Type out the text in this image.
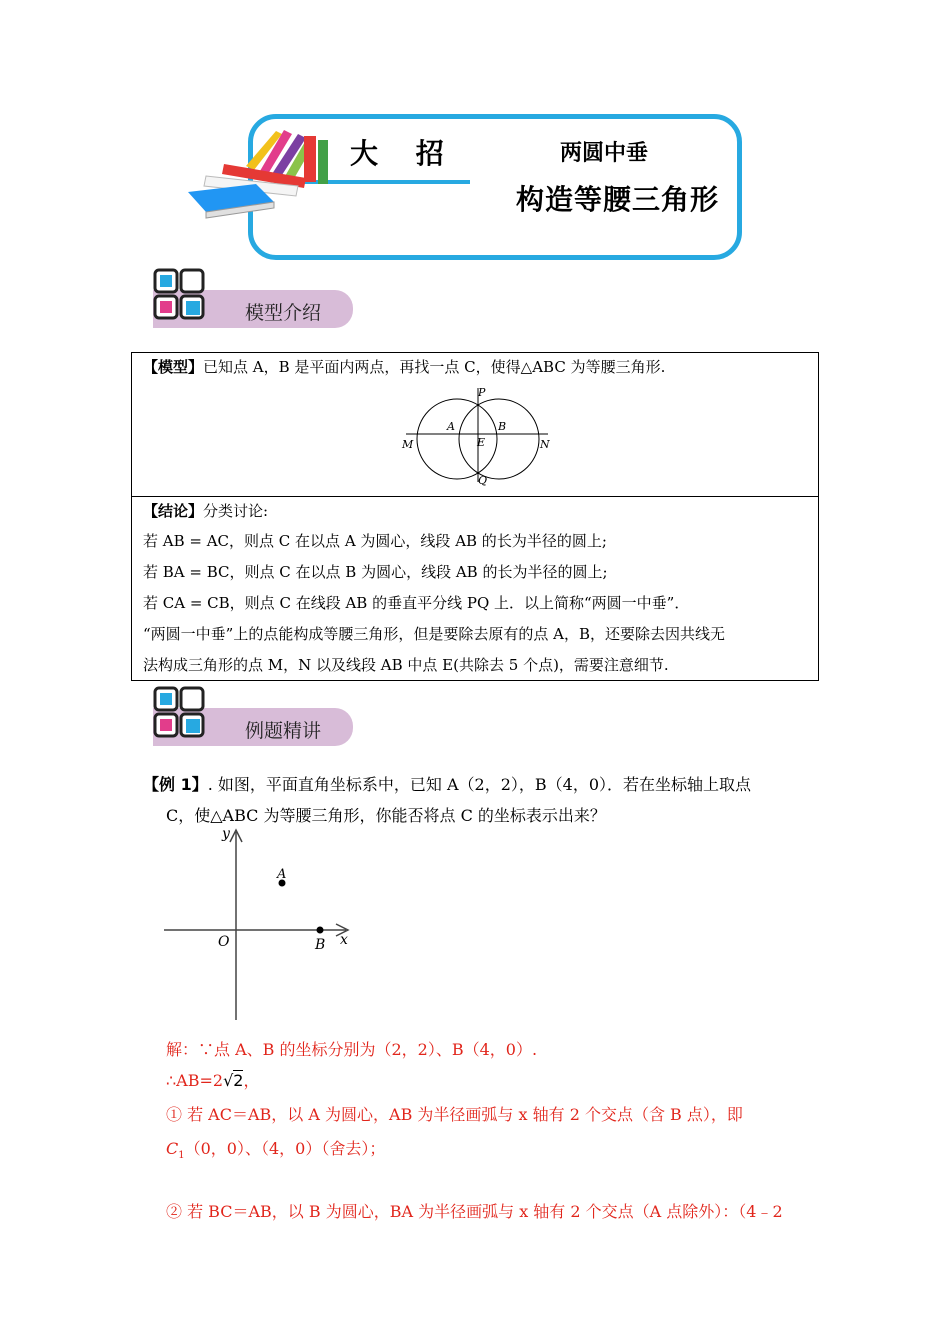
大 招	两圆中垂
构造等腰三角形
模型介绍
【模型】已知点 A，B 是平面内两点，再找一点 C，使得△ABC 为等腰三角形.
P
A	B
M	E	N
Q
【结论】分类讨论:
若 AB = AC，则点 C 在以点 A 为圆心，线段 AB 的长为半径的圆上;
若 BA = BC，则点 C 在以点 B 为圆心，线段 AB 的长为半径的圆上;
若 CA = CB，则点 C 在线段 AB 的垂直平分线 PQ 上．以上简称“两圆一中垂”．
“两圆一中垂”上的点能构成等腰三角形，但是要除去原有的点 A，B，还要除去因共线无
法构成三角形的点 M，N 以及线段 AB 中点 E(共除去 5 个点)，需要注意细节.
例题精讲
【例 1】. 如图，平面直角坐标系中，已知 A（2，2），B（4，0）．若在坐标轴上取点
C，使△ABC 为等腰三角形，你能否将点 C 的坐标表示出来？
y
x
O
A
B
解：∵点 A、B 的坐标分别为（2，2）、B（4，0）.
∴AB=2√2，
① 若 AC＝AB，以 A 为圆心，AB 为半径画弧与 x 轴有 2 个交点（含 B 点），即
$C_1(0$，0）、（4，0）（舍去）；
② 若 BC＝AB，以 B 为圆心，BA 为半径画弧与 x 轴有 2 个交点（A 点除外）：（4﹣2
